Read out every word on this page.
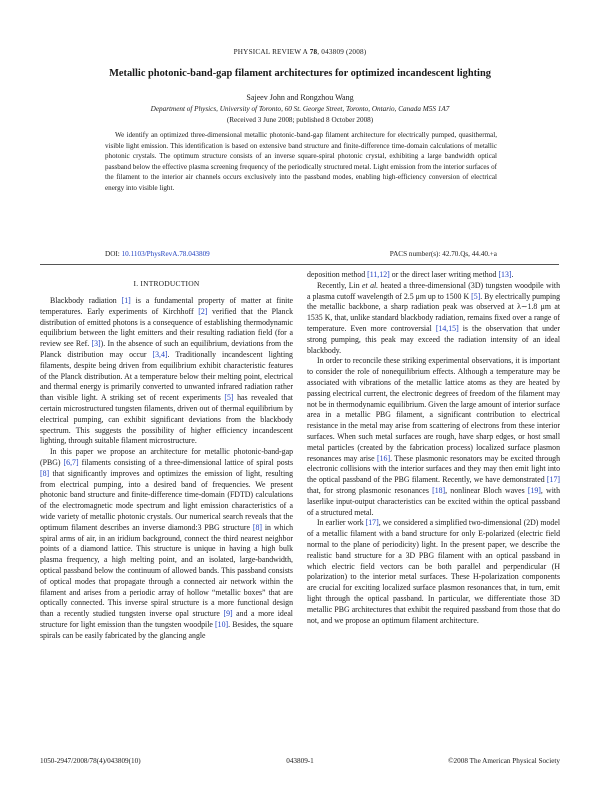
PHYSICAL REVIEW A 78, 043809 (2008)
Metallic photonic-band-gap filament architectures for optimized incandescent lighting
Sajeev John and Rongzhou Wang
Department of Physics, University of Toronto, 60 St. George Street, Toronto, Ontario, Canada M5S 1A7
(Received 3 June 2008; published 8 October 2008)
We identify an optimized three-dimensional metallic photonic-band-gap filament architecture for electrically pumped, quasithermal, visible light emission. This identification is based on extensive band structure and finite-difference time-domain calculations of metallic photonic crystals. The optimum structure consists of an inverse square-spiral photonic crystal, exhibiting a large bandwidth optical passband below the effective plasma screening frequency of the periodically structured metal. Light emission from the interior surfaces of the filament to the interior air channels occurs exclusively into the passband modes, enabling high-efficiency conversion of electrical energy into visible light.
DOI: 10.1103/PhysRevA.78.043809	PACS number(s): 42.70.Qs, 44.40.+a
I. INTRODUCTION

Blackbody radiation [1] is a fundamental property of matter at finite temperatures. Early experiments of Kirchhoff [2] verified that the Planck distribution of emitted photons is a consequence of establishing thermodynamic equilibrium between the light emitters and their resulting radiation field (for a review see Ref. [3]). In the absence of such an equilibrium, deviations from the Planck distribution may occur [3,4]. Traditionally incandescent lighting filaments, despite being driven from equilibrium exhibit characteristic features of the Planck distribution. At a temperature below their melting point, electrical and thermal energy is primarily converted to unwanted infrared radiation rather than visible light. A striking set of recent experiments [5] has revealed that certain microstructured tungsten filaments, driven out of thermal equilibrium by electrical pumping, can exhibit significant deviations from the blackbody spectrum. This suggests the possibility of higher efficiency incandescent lighting, through suitable filament microstructure.

In this paper we propose an architecture for metallic photonic-band-gap (PBG) [6,7] filaments consisting of a three-dimensional lattice of spiral posts [8] that significantly improves and optimizes the emission of light, resulting from electrical pumping, into a desired band of frequencies. We present photonic band structure and finite-difference time-domain (FDTD) calculations of the electromagnetic mode spectrum and light emission characteristics of a wide variety of metallic photonic crystals. Our numerical search reveals that the optimum filament describes an inverse diamond:3 PBG structure [8] in which spiral arms of air, in an iridium background, connect the third nearest neighbor points of a diamond lattice. This structure is unique in having a high bulk plasma frequency, a high melting point, and an isolated, large-bandwidth, optical passband below the continuum of allowed bands. This passband consists of optical modes that propagate through a connected air network within the filament and arises from a periodic array of hollow “metallic boxes” that are optically connected. This inverse spiral structure is a more functional design than a recently studied tungsten inverse opal structure [9] and a more ideal structure for light emission than the tungsten woodpile [10]. Besides, the square spirals can be easily fabricated by the glancing angle

deposition method [11,12] or the direct laser writing method [13].

Recently, Lin et al. heated a three-dimensional (3D) tungsten woodpile with a plasma cutoff wavelength of 2.5 μm up to 1500 K [5]. By electrically pumping the metallic backbone, a sharp radiation peak was observed at λ∼1.8 μm at 1535 K, that, unlike standard blackbody radiation, remains fixed over a range of temperature. Even more controversial [14,15] is the observation that under strong pumping, this peak may exceed the radiation intensity of an ideal blackbody.

In order to reconcile these striking experimental observations, it is important to consider the role of nonequilibrium effects. Although a temperature may be associated with vibrations of the metallic lattice atoms as they are heated by passing electrical current, the electronic degrees of freedom of the filament may not be in thermodynamic equilibrium. Given the large amount of interior surface area in a metallic PBG filament, a significant contribution to electrical resistance in the metal may arise from scattering of electrons from these interior surfaces. When such metal surfaces are rough, have sharp edges, or host small metal particles (created by the fabrication process) localized surface plasmon resonances may arise [16]. These plasmonic resonators may be excited through electronic collisions with the interior surfaces and they may then emit light into the optical passband of the PBG filament. Recently, we have demonstrated [17] that, for strong plasmonic resonances [18], nonlinear Bloch waves [19], with laserlike input-output characteristics can be excited within the optical passband of a structured metal.

In earlier work [17], we considered a simplified two-dimensional (2D) model of a metallic filament with a band structure for only E-polarized (electric field normal to the plane of periodicity) light. In the present paper, we describe the realistic band structure for a 3D PBG filament with an optical passband in which electric field vectors can be both parallel and perpendicular (H polarization) to the interior metal surfaces. These H-polarization components are crucial for exciting localized surface plasmon resonances that, in turn, emit light through the optical passband. In particular, we differentiate those 3D metallic PBG architectures that exhibit the required passband from those that do not, and we propose an optimum filament architecture.

1050-2947/2008/78(4)/043809(10)	043809-1	©2008 The American Physical Society
